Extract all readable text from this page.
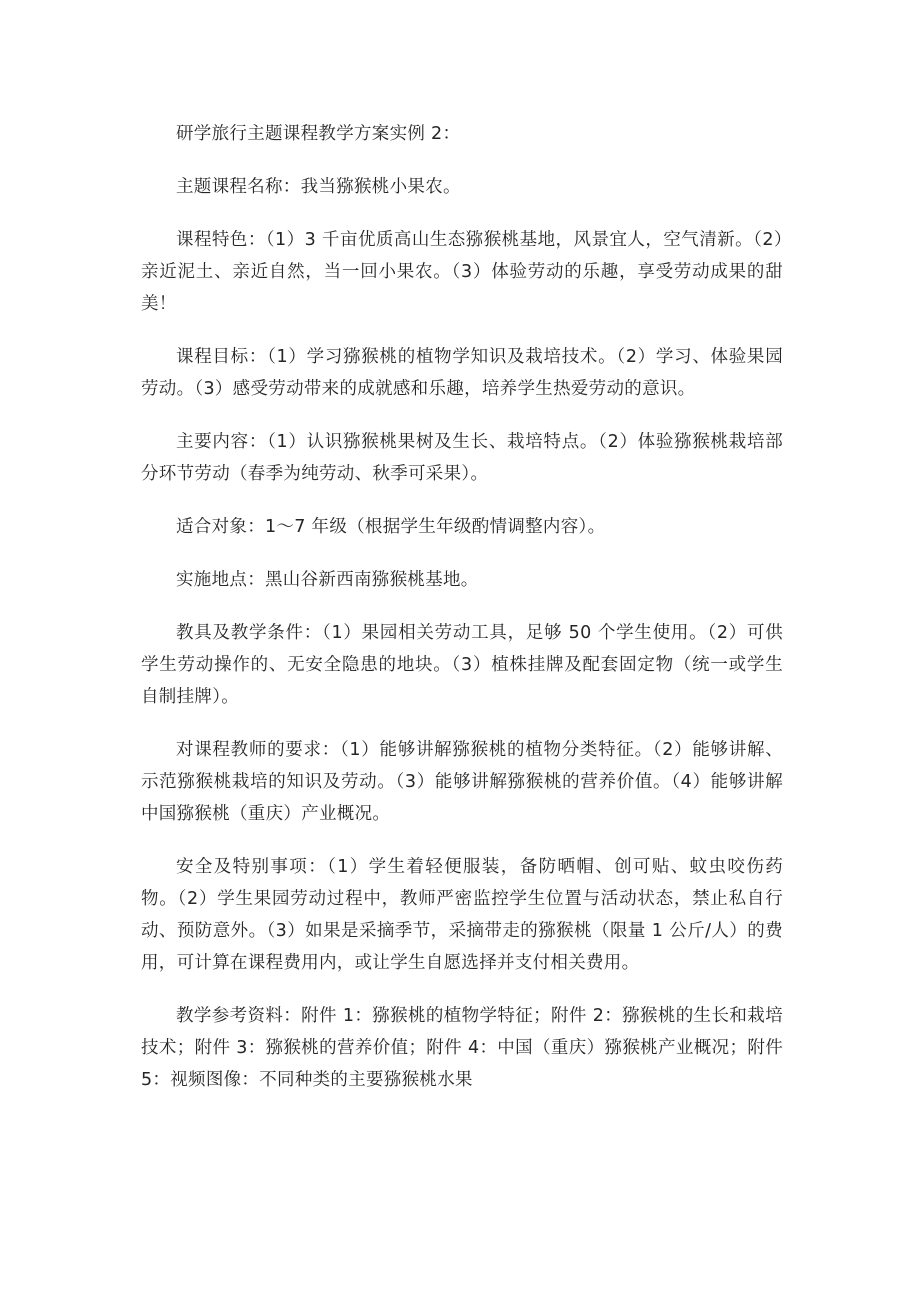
研学旅行主题课程教学方案实例 2：

主题课程名称：我当猕猴桃小果农。

课程特色：（1）3 千亩优质高山生态猕猴桃基地，风景宜人，空气清新。（2）亲近泥土、亲近自然，当一回小果农。（3）体验劳动的乐趣，享受劳动成果的甜美！

课程目标：（1）学习猕猴桃的植物学知识及栽培技术。（2）学习、体验果园劳动。（3）感受劳动带来的成就感和乐趣，培养学生热爱劳动的意识。

主要内容：（1）认识猕猴桃果树及生长、栽培特点。（2）体验猕猴桃栽培部分环节劳动（春季为纯劳动、秋季可采果）。

适合对象：1～7 年级（根据学生年级酌情调整内容）。

实施地点：黑山谷新西南猕猴桃基地。

教具及教学条件：（1）果园相关劳动工具，足够 50 个学生使用。（2）可供学生劳动操作的、无安全隐患的地块。（3）植株挂牌及配套固定物（统一或学生自制挂牌）。

对课程教师的要求：（1）能够讲解猕猴桃的植物分类特征。（2）能够讲解、示范猕猴桃栽培的知识及劳动。（3）能够讲解猕猴桃的营养价值。（4）能够讲解中国猕猴桃（重庆）产业概况。

安全及特别事项：（1）学生着轻便服装，备防晒帽、创可贴、蚊虫咬伤药物。（2）学生果园劳动过程中，教师严密监控学生位置与活动状态，禁止私自行动、预防意外。（3）如果是采摘季节，采摘带走的猕猴桃（限量 1 公斤/人）的费用，可计算在课程费用内，或让学生自愿选择并支付相关费用。

教学参考资料：附件 1：猕猴桃的植物学特征；附件 2：猕猴桃的生长和栽培技术；附件 3：猕猴桃的营养价值；附件 4：中国（重庆）猕猴桃产业概况；附件 5：视频图像：不同种类的主要猕猴桃水果
